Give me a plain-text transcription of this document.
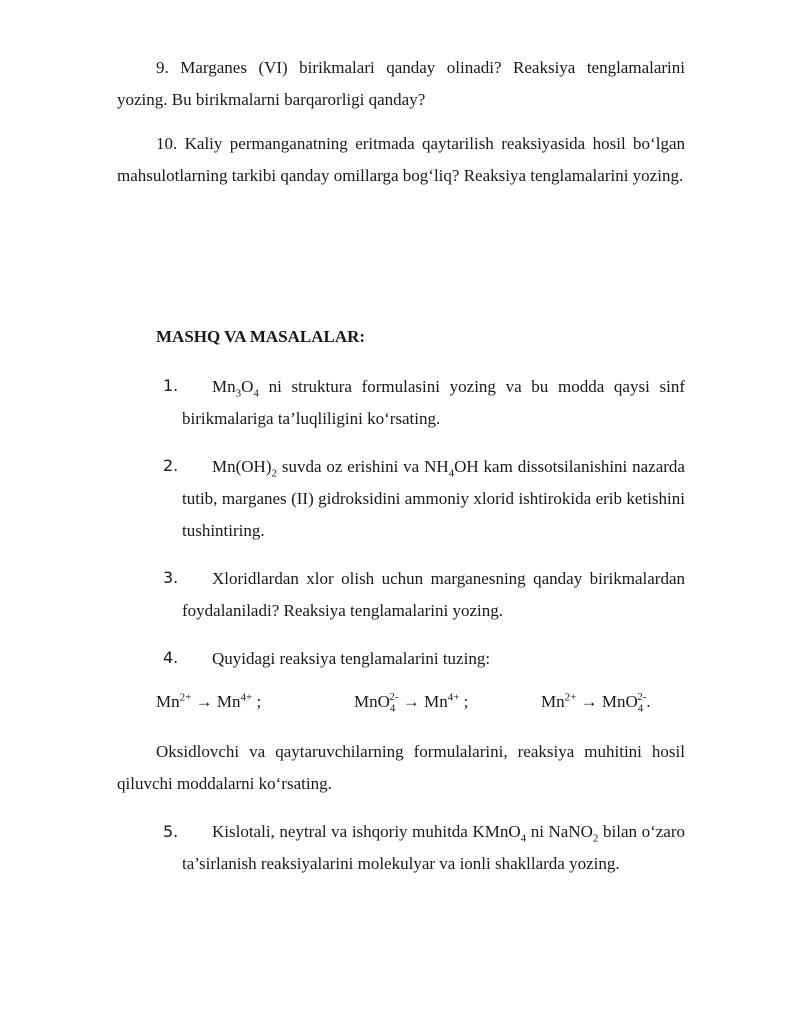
9. Marganes (VI) birikmalari qanday olinadi? Reaksiya tenglamalarini yozing. Bu birikmalarni barqarorligi qanday?

10. Kaliy permanganatning eritmada qaytarilish reaksiyasida hosil bo‘lgan mahsulotlarning tarkibi qanday omillarga bog‘liq? Reaksiya tenglamalarini yozing.

MASHQ VA MASALALAR:

1.	$Mn_3O_4$ ni struktura formulasini yozing va bu modda qaysi sinf birikmalariga ta’luqliligini ko‘rsating.

2.	$Mn(OH)_2$ suvda oz erishini va $NH_4OH$ kam dissotsilanishini nazarda tutib, marganes (II) gidroksidini ammoniy xlorid ishtirokida erib ketishini tushintiring.

3.	Xloridlardan xlor olish uchun marganesning qanday birikmalardan foydalaniladi? Reaksiya tenglamalarini yozing.

4.	Quyidagi reaksiya tenglamalarini tuzing:

$Mn^{2+} \to Mn^{4+}$ ;	$MnO_4^{2-} \to Mn^{4+}$ ;	$Mn^{2+} \to MnO_4^{2-}$.

Oksidlovchi va qaytaruvchilarning formulalarini, reaksiya muhitini hosil qiluvchi moddalarni ko‘rsating.

5.	Kislotali, neytral va ishqoriy muhitda KMnO$_4$ ni NaNO$_2$ bilan o‘zaro ta’sirlanish reaksiyalarini molekulyar va ionli shakllarda yozing.
